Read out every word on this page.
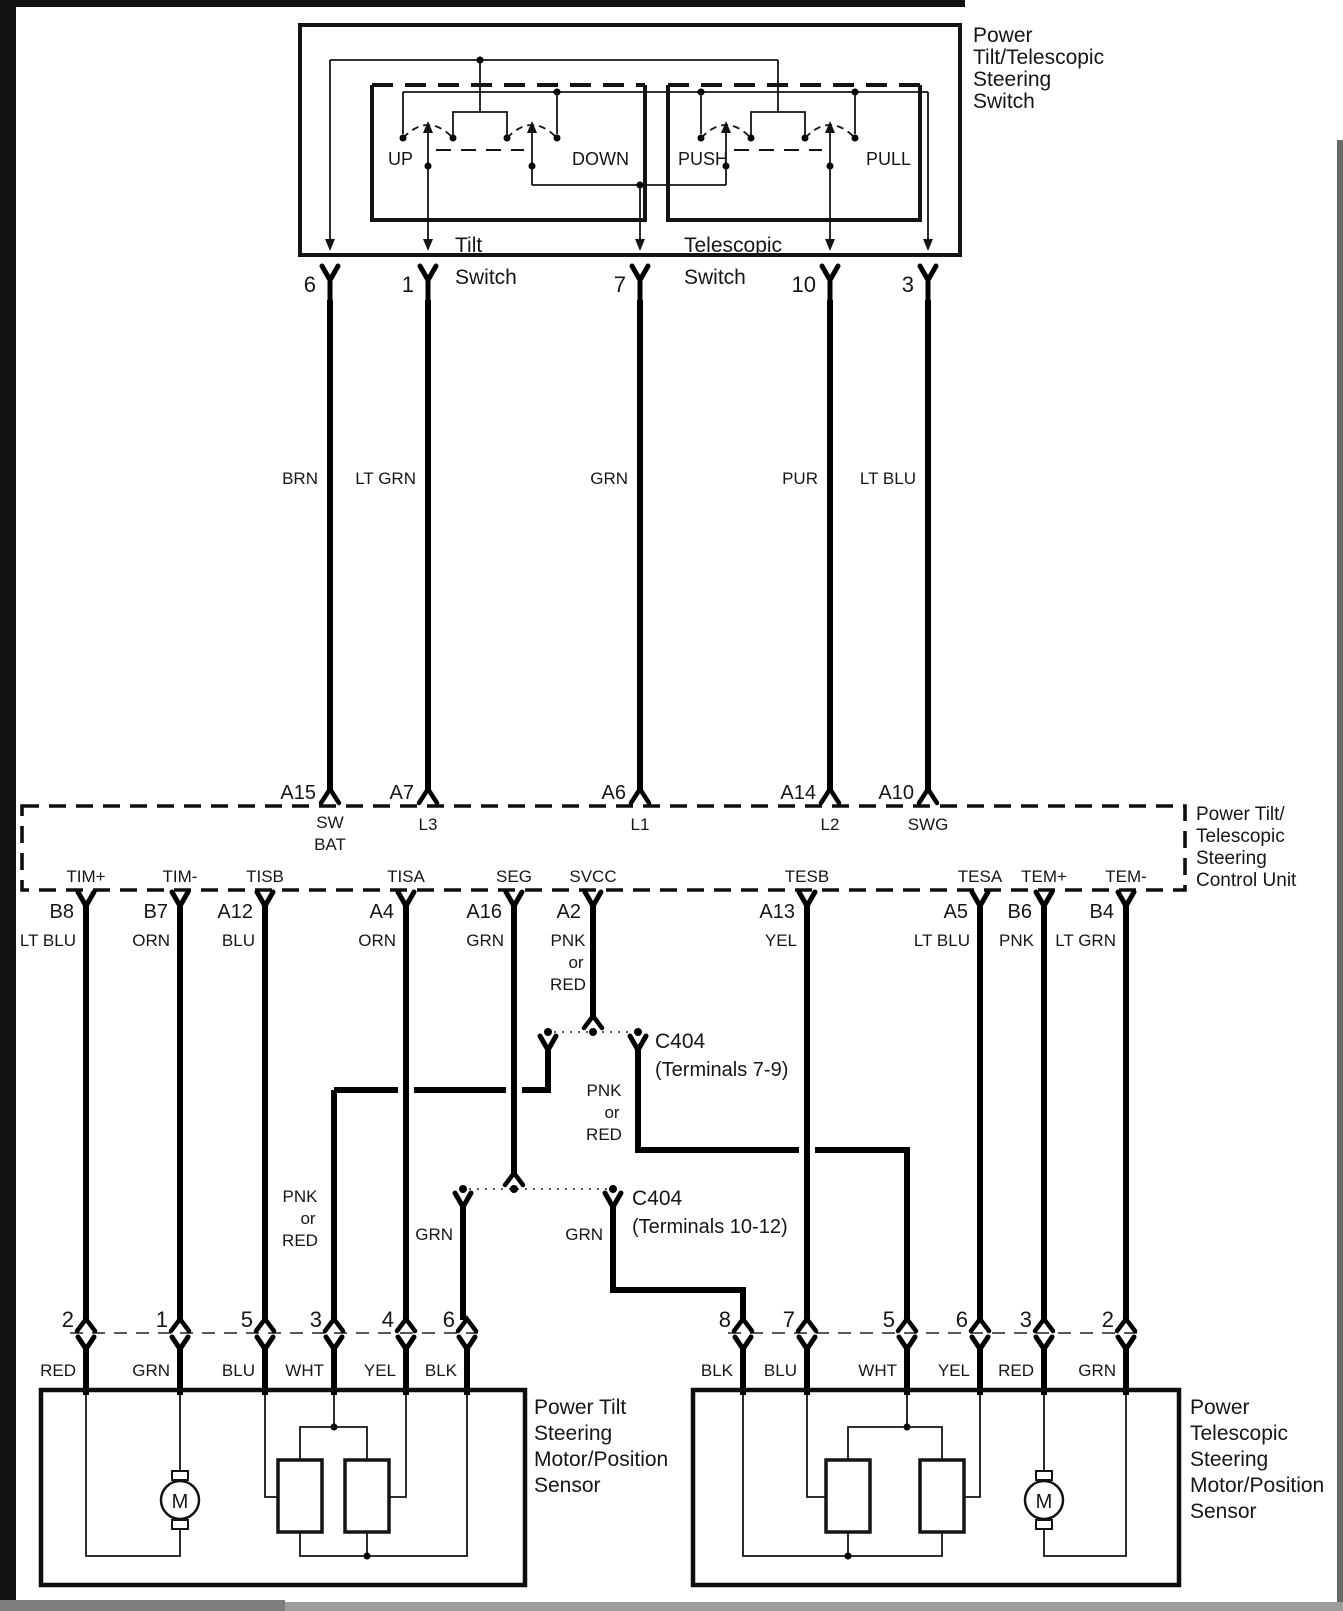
Power
Tilt/Telescopic
Steering
Switch
Tilt
Switch
Telescopic
Switch
UP	DOWN	PUSH	PULL
6
BRN
A15
1
LT GRN
A7
7
GRN
A6
10
PUR
A14
3
LT BLU
A10
Power Tilt/
Telescopic
Steering
Control Unit
SW
BAT
L3	L1	L2	SWG
TIM+	TIM-	TISB	TISA	SEG SVCC	TESB	TESA TEM+ TEM-
B8	B7 A12	A4	A16	A2	A13	A5 B6	B4
LT BLU	ORN	BLU	ORN	GRN	PNK
or
RED
YEL	LT BLU PNK LT GRN
C404
(Terminals 7-9)
PNK
or
RED
PNK
or
RED
C404
(Terminals 10-12)
GRN	GRN
2	1	5	3	4 6
RED	GRN	BLU WHT YEL BLK
8 7	5	6 3	2
BLK BLU	WHT YEL RED	GRN
Power Tilt
Steering
Motor/Position
Sensor
M
Power
Telescopic
Steering
Motor/Position
Sensor
M
